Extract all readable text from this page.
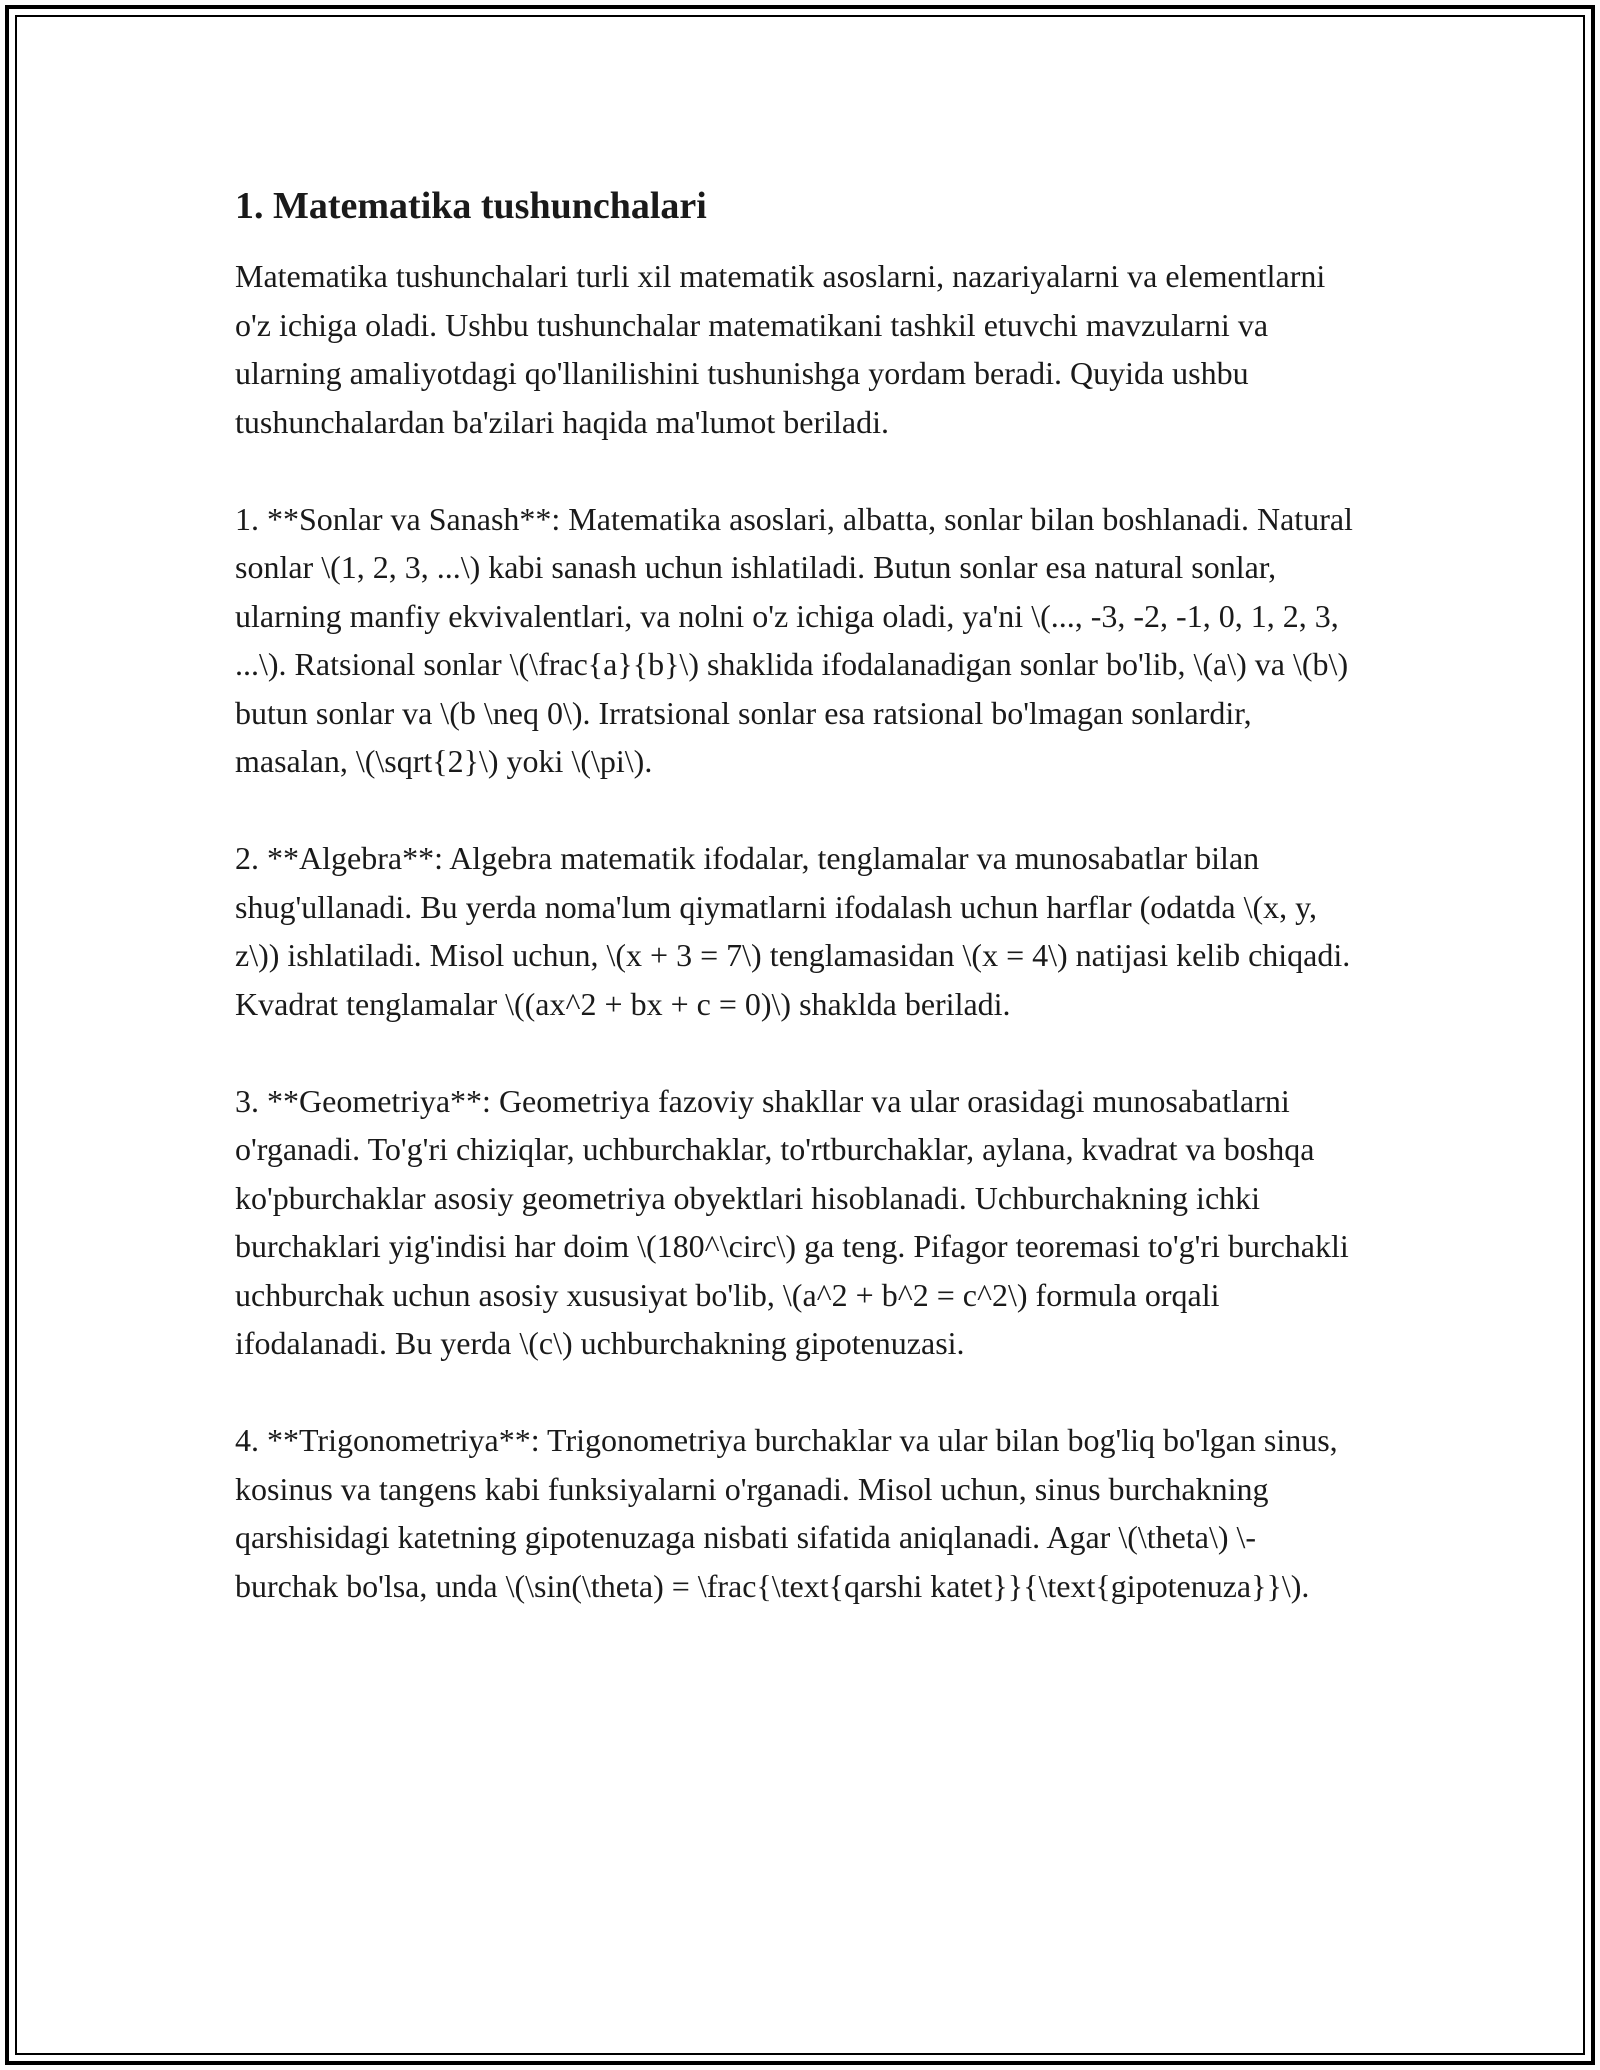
1. Matematika tushunchalari

Matematika tushunchalari turli xil matematik asoslarni, nazariyalarni va elementlarni o'z ichiga oladi. Ushbu tushunchalar matematikani tashkil etuvchi mavzularni va ularning amaliyotdagi qo'llanilishini tushunishga yordam beradi. Quyida ushbu tushunchalardan ba'zilari haqida ma'lumot beriladi.

1. **Sonlar va Sanash**: Matematika asoslari, albatta, sonlar bilan boshlanadi. Natural sonlar \(1, 2, 3, ...\) kabi sanash uchun ishlatiladi. Butun sonlar esa natural sonlar, ularning manfiy ekvivalentlari, va nolni o'z ichiga oladi, ya'ni \(..., -3, -2, -1, 0, 1, 2, 3, ...\). Ratsional sonlar \(\frac{a}{b}\) shaklida ifodalanadigan sonlar bo'lib, \(a\) va \(b\) butun sonlar va \(b \neq 0\). Irratsional sonlar esa ratsional bo'lmagan sonlardir, masalan, \(\sqrt{2}\) yoki \(\pi\).

2. **Algebra**: Algebra matematik ifodalar, tenglamalar va munosabatlar bilan shug'ullanadi. Bu yerda noma'lum qiymatlarni ifodalash uchun harflar (odatda \(x, y, z\)) ishlatiladi. Misol uchun, \(x + 3 = 7\) tenglamasidan \(x = 4\) natijasi kelib chiqadi. Kvadrat tenglamalar \((ax^2 + bx + c = 0)\) shaklda beriladi.

3. **Geometriya**: Geometriya fazoviy shakllar va ular orasidagi munosabatlarni o'rganadi. To'g'ri chiziqlar, uchburchaklar, to'rtburchaklar, aylana, kvadrat va boshqa ko'pburchaklar asosiy geometriya obyektlari hisoblanadi. Uchburchakning ichki burchaklari yig'indisi har doim \(180^\circ\) ga teng. Pifagor teoremasi to'g'ri burchakli uchburchak uchun asosiy xususiyat bo'lib, \(a^2 + b^2 = c^2\) formula orqali ifodalanadi. Bu yerda \(c\) uchburchakning gipotenuzasi.

4. **Trigonometriya**: Trigonometriya burchaklar va ular bilan bog'liq bo'lgan sinus, kosinus va tangens kabi funksiyalarni o'rganadi. Misol uchun, sinus burchakning qarshisidagi katetning gipotenuzaga nisbati sifatida aniqlanadi. Agar \(\theta\) \- burchak bo'lsa, unda \(\sin(\theta) = \frac{\text{qarshi katet}}{\text{gipotenuza}}\).
